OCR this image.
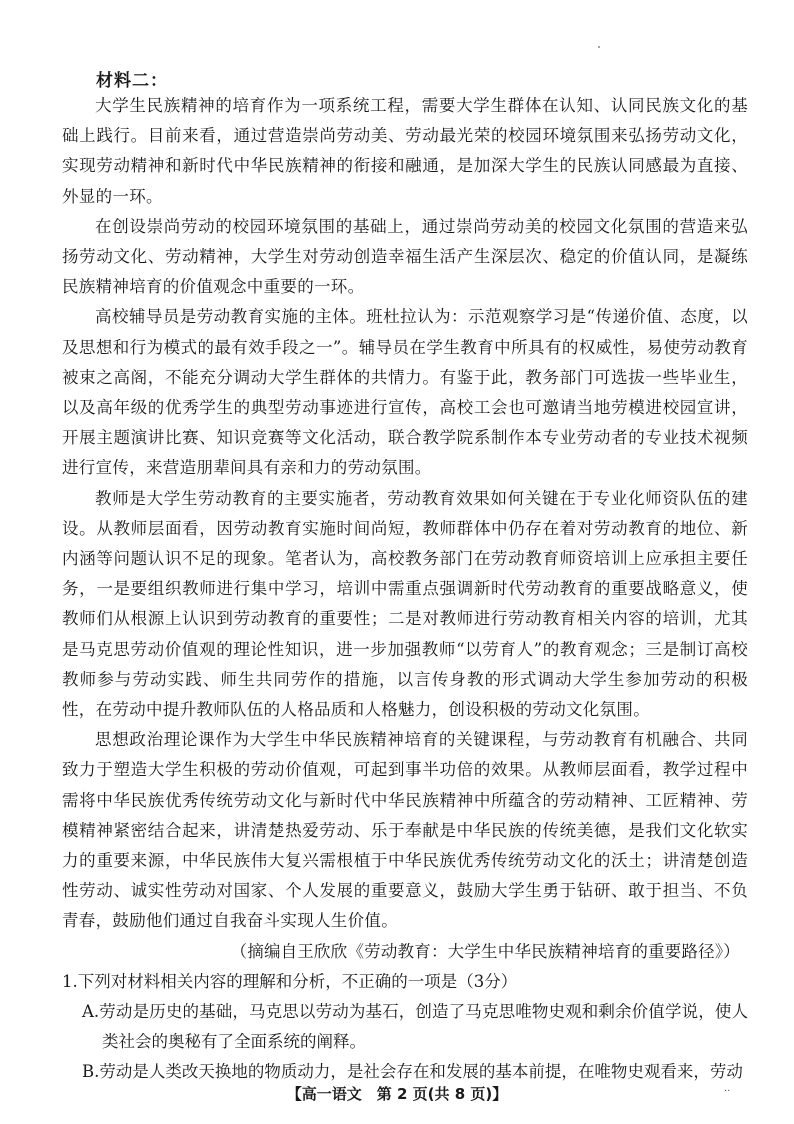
材料二：

大学生民族精神的培育作为一项系统工程，需要大学生群体在认知、认同民族文化的基础上践行。目前来看，通过营造崇尚劳动美、劳动最光荣的校园环境氛围来弘扬劳动文化，实现劳动精神和新时代中华民族精神的衔接和融通，是加深大学生的民族认同感最为直接、外显的一环。

在创设崇尚劳动的校园环境氛围的基础上，通过崇尚劳动美的校园文化氛围的营造来弘扬劳动文化、劳动精神，大学生对劳动创造幸福生活产生深层次、稳定的价值认同，是凝练民族精神培育的价值观念中重要的一环。

高校辅导员是劳动教育实施的主体。班杜拉认为：示范观察学习是“传递价值、态度，以及思想和行为模式的最有效手段之一”。辅导员在学生教育中所具有的权威性，易使劳动教育被束之高阁，不能充分调动大学生群体的共情力。有鉴于此，教务部门可选拔一些毕业生，以及高年级的优秀学生的典型劳动事迹进行宣传，高校工会也可邀请当地劳模进校园宣讲，开展主题演讲比赛、知识竞赛等文化活动，联合教学院系制作本专业劳动者的专业技术视频进行宣传，来营造朋辈间具有亲和力的劳动氛围。

教师是大学生劳动教育的主要实施者，劳动教育效果如何关键在于专业化师资队伍的建设。从教师层面看，因劳动教育实施时间尚短，教师群体中仍存在着对劳动教育的地位、新内涵等问题认识不足的现象。笔者认为，高校教务部门在劳动教育师资培训上应承担主要任务，一是要组织教师进行集中学习，培训中需重点强调新时代劳动教育的重要战略意义，使教师们从根源上认识到劳动教育的重要性；二是对教师进行劳动教育相关内容的培训，尤其是马克思劳动价值观的理论性知识，进一步加强教师“以劳育人”的教育观念；三是制订高校教师参与劳动实践、师生共同劳作的措施，以言传身教的形式调动大学生参加劳动的积极性，在劳动中提升教师队伍的人格品质和人格魅力，创设积极的劳动文化氛围。

思想政治理论课作为大学生中华民族精神培育的关键课程，与劳动教育有机融合、共同致力于塑造大学生积极的劳动价值观，可起到事半功倍的效果。从教师层面看，教学过程中需将中华民族优秀传统劳动文化与新时代中华民族精神中所蕴含的劳动精神、工匠精神、劳模精神紧密结合起来，讲清楚热爱劳动、乐于奉献是中华民族的传统美德，是我们文化软实力的重要来源，中华民族伟大复兴需根植于中华民族优秀传统劳动文化的沃土；讲清楚创造性劳动、诚实性劳动对国家、个人发展的重要意义，鼓励大学生勇于钻研、敢于担当、不负青春，鼓励他们通过自我奋斗实现人生价值。

（摘编自王欣欣《劳动教育：大学生中华民族精神培育的重要路径》）

1.下列对材料相关内容的理解和分析，不正确的一项是（3分）

A.劳动是历史的基础，马克思以劳动为基石，创造了马克思唯物史观和剩余价值学说，使人类社会的奥秘有了全面系统的阐释。

B.劳动是人类改天换地的物质动力，是社会存在和发展的基本前提，在唯物史观看来，劳动

【高一语文　第 2 页(共 8 页)】	··
